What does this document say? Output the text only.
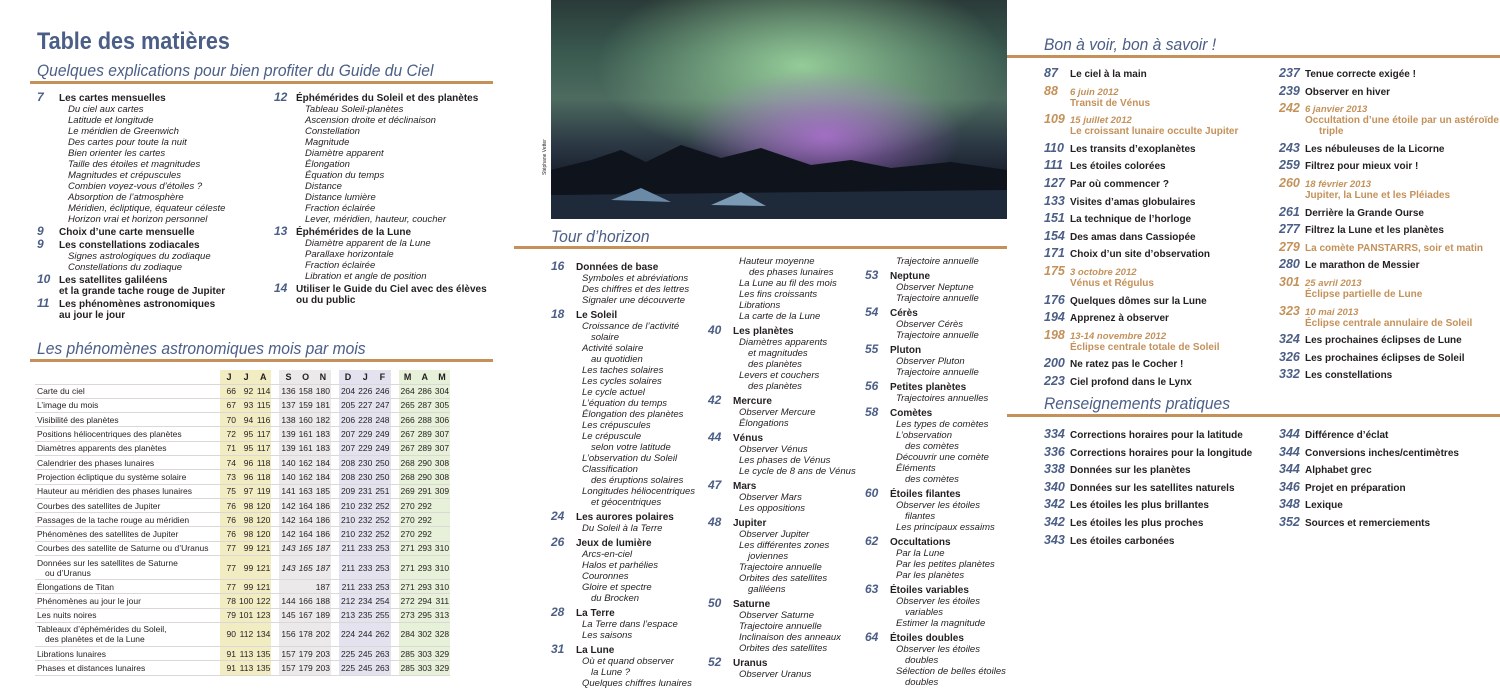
Table des matières
Quelques explications pour bien profiter du Guide du Ciel
7	Les cartes mensuelles
Du ciel aux cartes
Latitude et longitude
Le méridien de Greenwich
Des cartes pour toute la nuit
Bien orienter les cartes
Taille des étoiles et magnitudes
Magnitudes et crépuscules
Combien voyez-vous d’étoiles ?
Absorption de l’atmosphère
Méridien, écliptique, équateur céleste
Horizon vrai et horizon personnel
9	Choix d’une carte mensuelle
9	Les constellations zodiacales
Signes astrologiques du zodiaque
Constellations du zodiaque
10 Les satellites galiléens
et la grande tache rouge de Jupiter
11 Les phénomènes astronomiques
au jour le jour
12 Éphémérides du Soleil et des planètes
Tableau Soleil-planètes
Ascension droite et déclinaison
Constellation
Magnitude
Diamètre apparent
Élongation
Équation du temps
Distance
Distance lumière
Fraction éclairée
Lever, méridien, hauteur, coucher
13 Éphémérides de la Lune
Diamètre apparent de la Lune
Parallaxe horizontale
Fraction éclairée
Libration et angle de position
14 Utiliser le Guide du Ciel avec des élèves
ou du public
Les phénomènes astronomiques mois par mois
	J	J	A		S	O	N		D	J	F		M	A	M

Carte du ciel	66	92	114		136	158	180		204	226	246		264	286	304

L’image du mois	67	93	115		137	159	181		205	227	247		265	287	305

Visibilité des planètes	70	94	116		138	160	182		206	228	248		266	288	306

Positions héliocentriques des planètes	72	95	117		139	161	183		207	229	249		267	289	307

Diamètres apparents des planètes	71	95	117		139	161	183		207	229	249		267	289	307

Calendrier des phases lunaires	74	96	118		140	162	184		208	230	250		268	290	308

Projection écliptique du système solaire	73	96	118		140	162	184		208	230	250		268	290	308

Hauteur au méridien des phases lunaires	75	97	119		141	163	185		209	231	251		269	291	309

Courbes des satellites de Jupiter	76	98	120		142	164	186		210	232	252		270	292	

Passages de la tache rouge au méridien	76	98	120		142	164	186		210	232	252		270	292	

Phénomènes des satellites de Jupiter	76	98	120		142	164	186		210	232	252		270	292	

Courbes des satellite de Saturne ou d’Uranus	77	99	121		143	165	187		211	233	253		271	293	310

Données sur les satellites de Saturne
ou d’Uranus	77	99	121		143	165	187		211	233	253		271	293	310

Élongations de Titan	77	99	121				187		211	233	253		271	293	310

Phénomènes au jour le jour	78	100	122		144	166	188		212	234	254		272	294	311

Les nuits noires	79	101	123		145	167	189		213	235	255		273	295	313

Tableaux d’éphémérides du Soleil,
des planètes et de la Lune	90	112	134		156	178	202		224	244	262		284	302	328

Librations lunaires	91	113	135		157	179	203		225	245	263		285	303	329

Phases et distances lunaires	91	113	135		157	179	203		225	245	263		285	303	329
Stéphane Vetter
Tour d’horizon
16	Données de base
Symboles et abréviations
Des chiffres et des lettres
Signaler une découverte
18	Le Soleil
Croissance de l’activité
solaire
Activité solaire
au quotidien
Les taches solaires
Les cycles solaires
Le cycle actuel
L’équation du temps
Élongation des planètes
Les crépuscules
Le crépuscule
selon votre latitude
L’observation du Soleil
Classification
des éruptions solaires
Longitudes héliocentriques
et géocentriques
24	Les aurores polaires
Du Soleil à la Terre
26	Jeux de lumière
Arcs-en-ciel
Halos et parhélies
Couronnes
Gloire et spectre
du Brocken
28	La Terre
La Terre dans l’espace
Les saisons
31	La Lune
Où et quand observer
la Lune ?
Quelques chiffres lunaires
Hauteur moyenne
des phases lunaires
La Lune au fil des mois
Les fins croissants
Librations
La carte de la Lune
40	Les planètes
Diamètres apparents
et magnitudes
des planètes
Levers et couchers
des planètes
42	Mercure
Observer Mercure
Élongations
44	Vénus
Observer Vénus
Les phases de Vénus
Le cycle de 8 ans de Vénus
47	Mars
Observer Mars
Les oppositions
48	Jupiter
Observer Jupiter
Les différentes zones
joviennes
Trajectoire annuelle
Orbites des satellites
galiléens
50	Saturne
Observer Saturne
Trajectoire annuelle
Inclinaison des anneaux
Orbites des satellites
52	Uranus
Observer Uranus
Trajectoire annuelle
53	Neptune
Observer Neptune
Trajectoire annuelle
54	Cérès
Observer Cérès
Trajectoire annuelle
55	Pluton
Observer Pluton
Trajectoire annuelle
56	Petites planètes
Trajectoires annuelles
58	Comètes
Les types de comètes
L’observation
des comètes
Découvrir une comète
Éléments
des comètes
60	Étoiles filantes
Observer les étoiles
filantes
Les principaux essaims
62	Occultations
Par la Lune
Par les petites planètes
Par les planètes
63	Étoiles variables
Observer les étoiles
variables
Estimer la magnitude
64	Étoiles doubles
Observer les étoiles
doubles
Sélection de belles étoiles
doubles
Bon à voir, bon à savoir !
87	Le ciel à la main
88	6 juin 2012
Transit de Vénus
109 15 juillet 2012
Le croissant lunaire occulte Jupiter
110 Les transits d’exoplanètes
111 Les étoiles colorées
127 Par où commencer ?
133 Visites d’amas globulaires
151 La technique de l’horloge
154 Des amas dans Cassiopée
171 Choix d’un site d’observation
175 3 octobre 2012
Vénus et Régulus
176 Quelques dômes sur la Lune
194 Apprenez à observer
198 13-14 novembre 2012
Éclipse centrale totale de Soleil
200 Ne ratez pas le Cocher !
223 Ciel profond dans le Lynx
237 Tenue correcte exigée !
239 Observer en hiver
242 6 janvier 2013
Occultation d’une étoile par un astéroïde
triple
243 Les nébuleuses de la Licorne
259 Filtrez pour mieux voir !
260 18 février 2013
Jupiter, la Lune et les Pléiades
261 Derrière la Grande Ourse
277 Filtrez la Lune et les planètes
279 La comète PANSTARRS, soir et matin
280 Le marathon de Messier
301 25 avril 2013
Éclipse partielle de Lune
323 10 mai 2013
Éclipse centrale annulaire de Soleil
324 Les prochaines éclipses de Lune
326 Les prochaines éclipses de Soleil
332 Les constellations
Renseignements pratiques
334 Corrections horaires pour la latitude
336 Corrections horaires pour la longitude
338 Données sur les planètes
340 Données sur les satellites naturels
342 Les étoiles les plus brillantes
342 Les étoiles les plus proches
343 Les étoiles carbonées
344 Différence d’éclat
344 Conversions inches/centimètres
344 Alphabet grec
346 Projet en préparation
348 Lexique
352 Sources et remerciements
